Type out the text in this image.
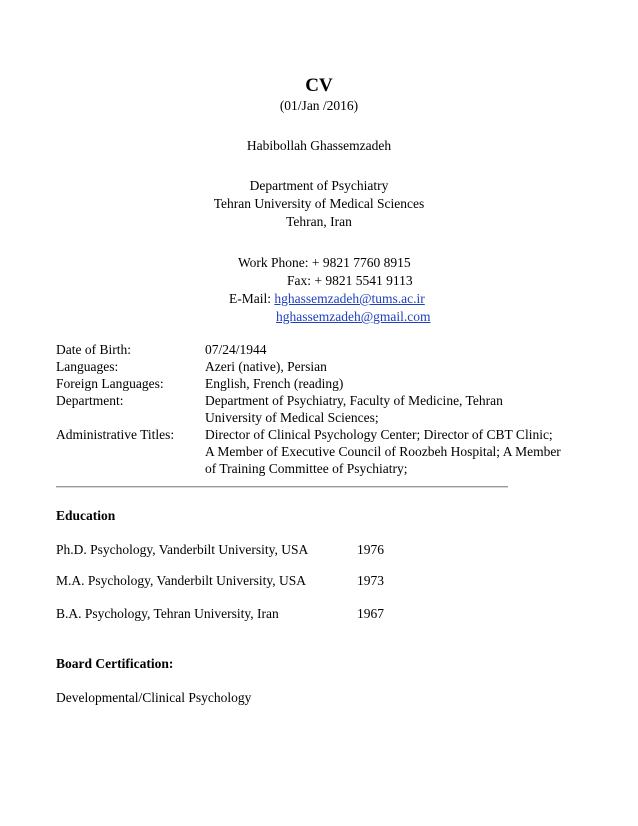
CV
(01/Jan /2016)
Habibollah Ghassemzadeh
Department of Psychiatry
Tehran University of Medical Sciences
Tehran, Iran
Work Phone: + 9821 7760 8915
Fax: + 9821 5541 9113
E-Mail: hghassemzadeh@tums.ac.ir
hghassemzadeh@gmail.com
Date of Birth:	07/24/1944
Languages:	Azeri (native), Persian
Foreign Languages:	English, French (reading)
Department:	Department of Psychiatry, Faculty of Medicine, Tehran
University of Medical Sciences;
Administrative Titles: Director of Clinical Psychology Center; Director of CBT Clinic;
A Member of Executive Council of Roozbeh Hospital; A Member
of Training Committee of Psychiatry;
Education
Ph.D. Psychology, Vanderbilt University, USA	1976
M.A. Psychology, Vanderbilt University, USA	1973
B.A. Psychology, Tehran University, Iran	1967
Board Certification:
Developmental/Clinical Psychology
